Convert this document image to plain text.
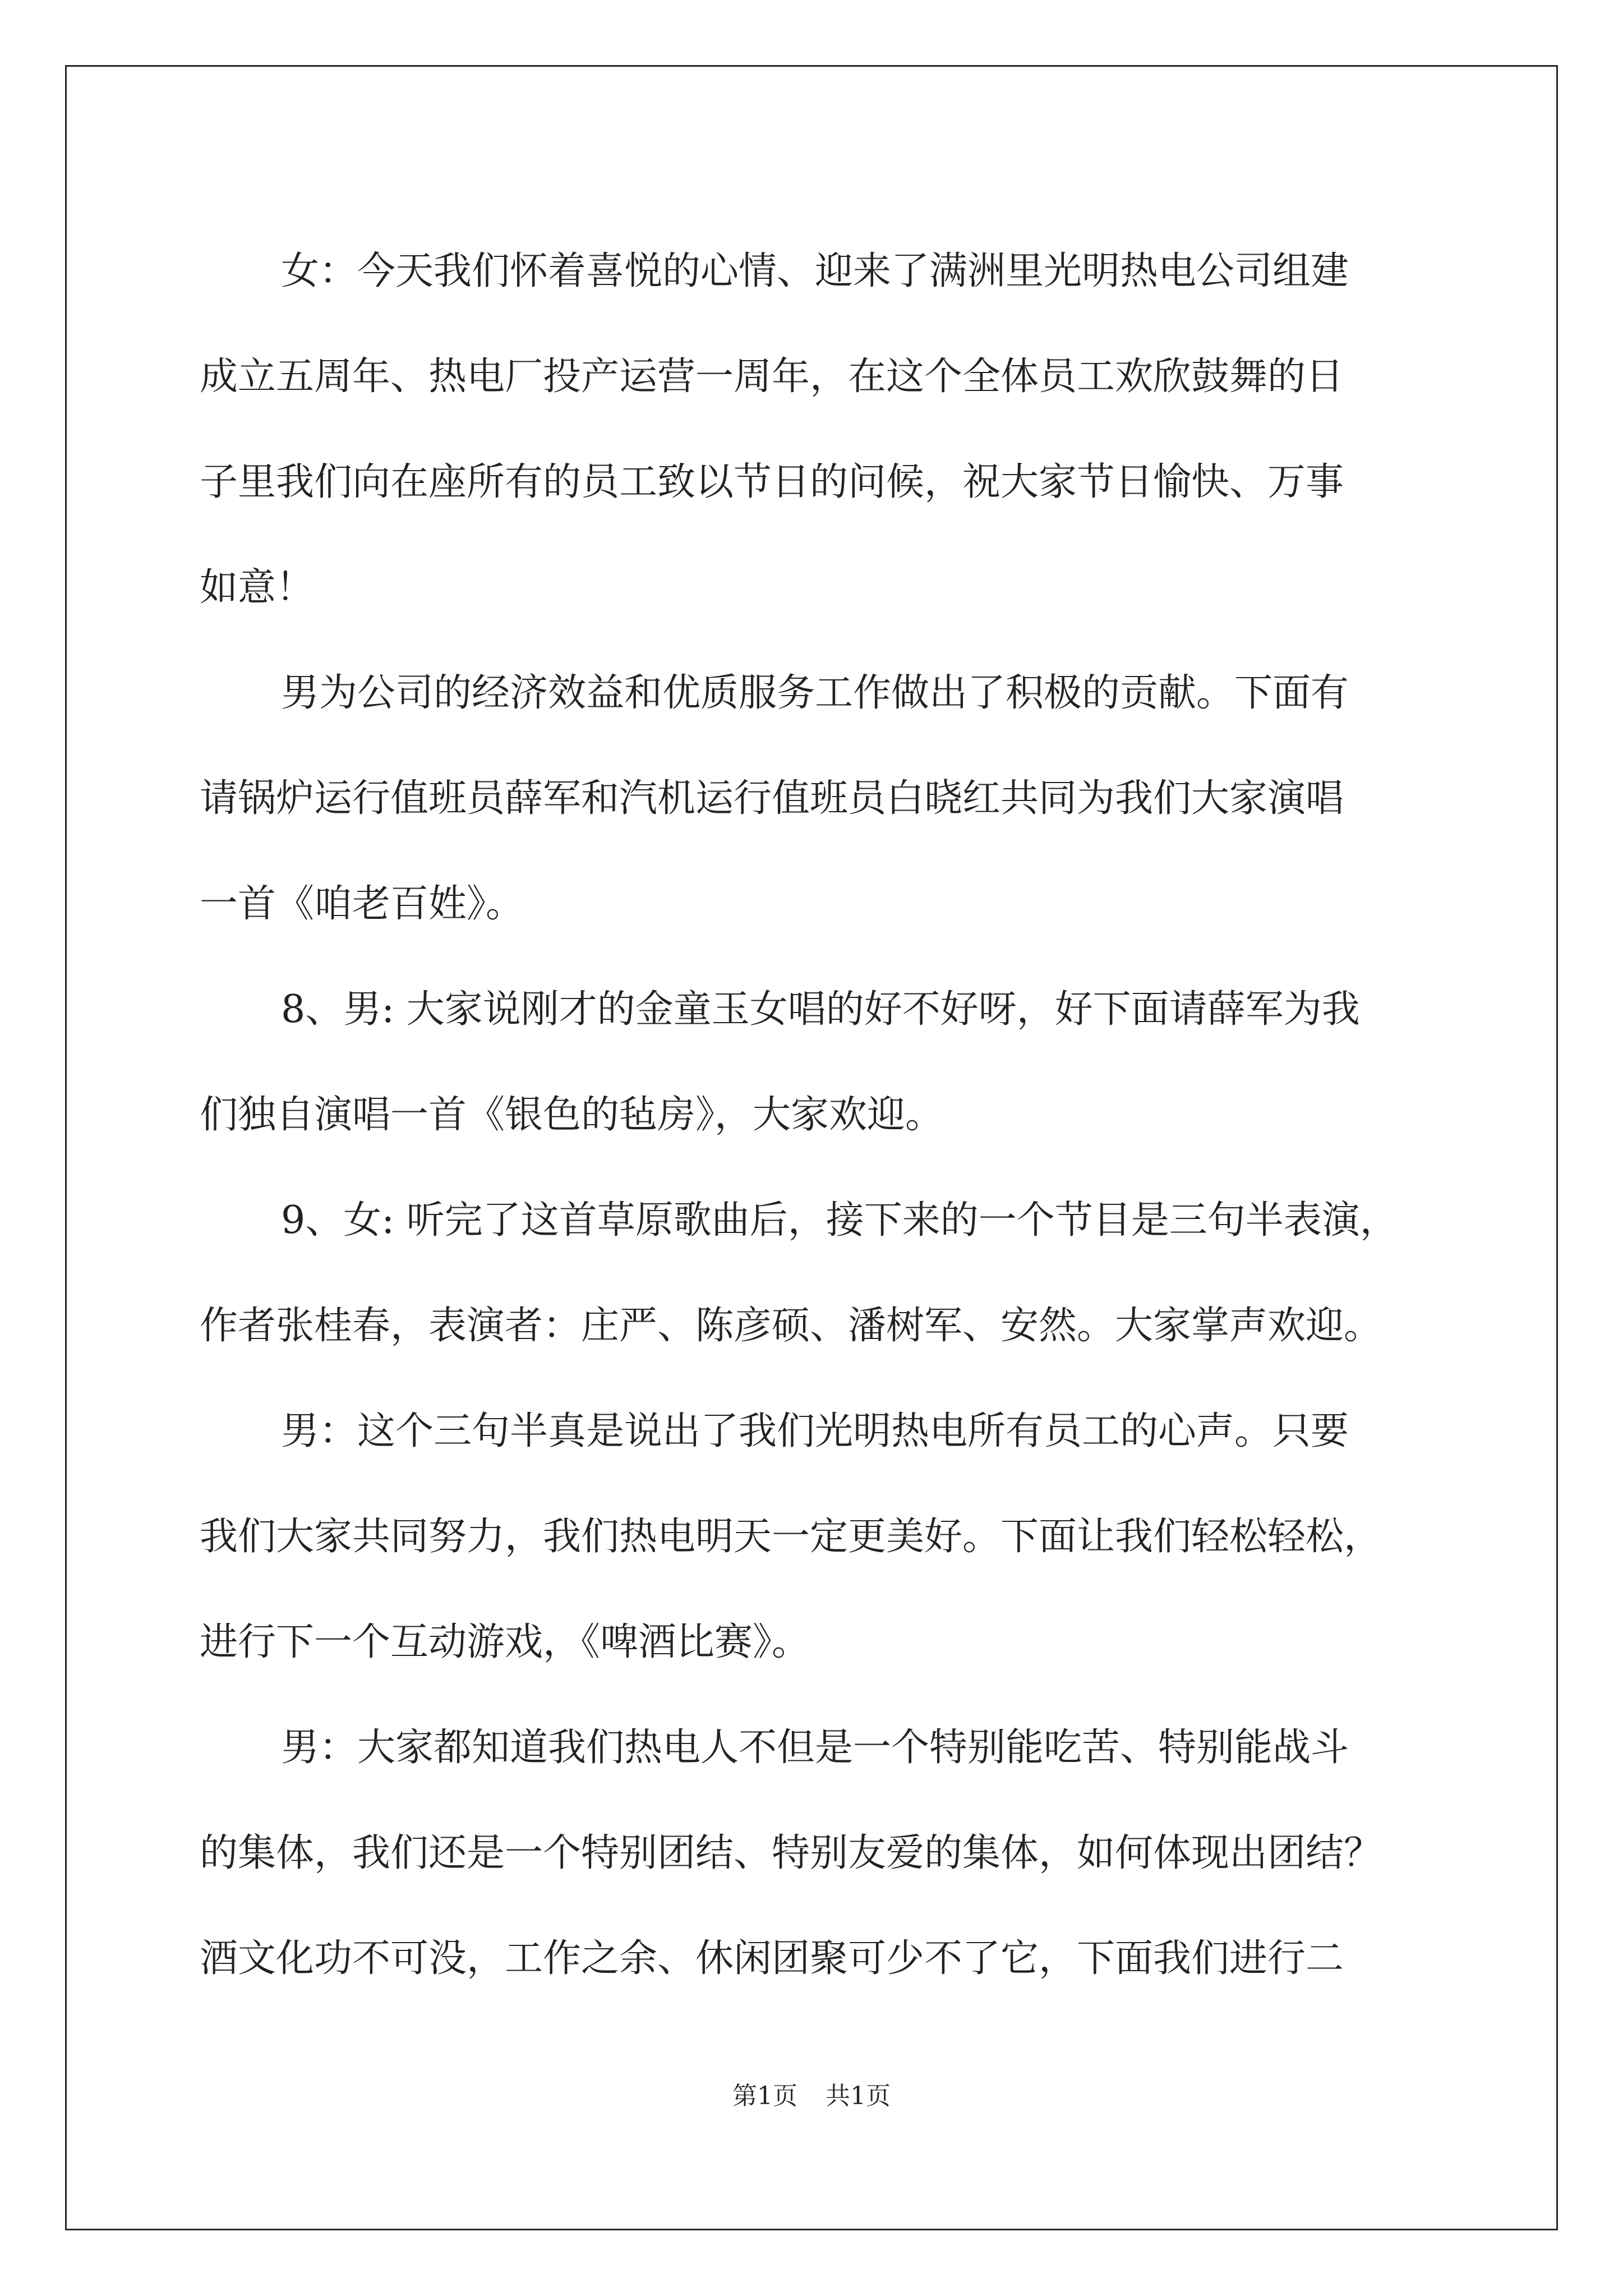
女：今天我们怀着喜悦的心情、迎来了满洲里光明热电公司组建

成立五周年、热电厂投产运营一周年，在这个全体员工欢欣鼓舞的日

子里我们向在座所有的员工致以节日的问候，祝大家节日愉快、万事

如意！

男为公司的经济效益和优质服务工作做出了积极的贡献。下面有

请锅炉运行值班员薛军和汽机运行值班员白晓红共同为我们大家演唱

一首《咱老百姓》。

8、男: 大家说刚才的金童玉女唱的好不好呀，好下面请薛军为我

们独自演唱一首《银色的毡房》，大家欢迎。

9、女: 听完了这首草原歌曲后，接下来的一个节目是三句半表演，

作者张桂春，表演者：庄严、陈彦硕、潘树军、安然。大家掌声欢迎。

男：这个三句半真是说出了我们光明热电所有员工的心声。只要

我们大家共同努力，我们热电明天一定更美好。下面让我们轻松轻松，

进行下一个互动游戏，《啤酒比赛》。

男：大家都知道我们热电人不但是一个特别能吃苦、特别能战斗

的集体，我们还是一个特别团结、特别友爱的集体，如何体现出团结？

酒文化功不可没，工作之余、休闲团聚可少不了它，下面我们进行二

第1页 共1页
